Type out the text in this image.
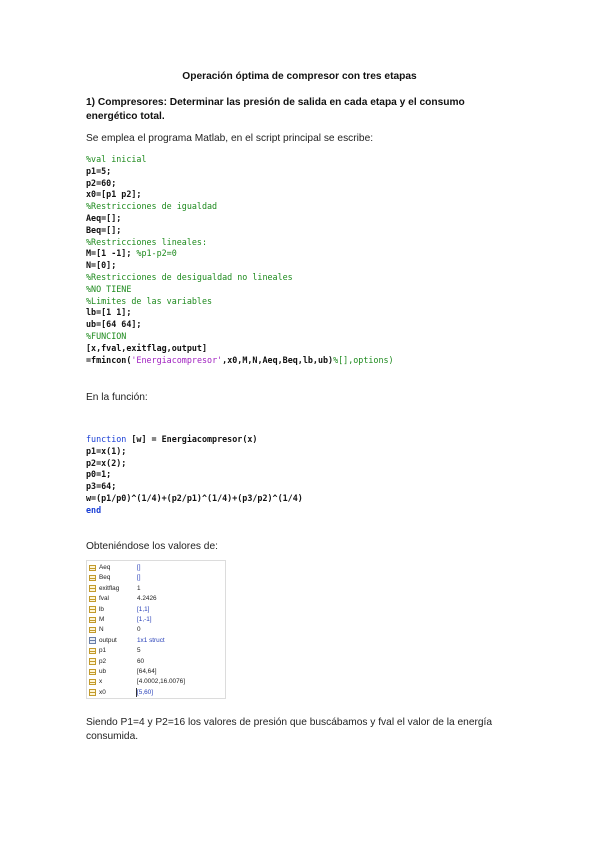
Operación óptima de compresor con tres etapas
1) Compresores: Determinar las presión de salida en cada etapa y el consumo energético total.
Se emplea el programa Matlab, en el script principal se escribe:
%val inicial
p1=5;
p2=60;
x0=[p1 p2];
%Restricciones de igualdad
Aeq=[];
Beq=[];
%Restricciones lineales:
M=[1 -1]; %p1-p2=0
N=[0];
%Restricciones de desigualdad no lineales
%NO TIENE
%Limites de las variables
lb=[1 1];
ub=[64 64];
%FUNCION
[x,fval,exitflag,output]
=fmincon('Energiacompresor',x0,M,N,Aeq,Beq,lb,ub)%[],options)
En la función:
function [w] = Energiacompresor(x)
p1=x(1);
p2=x(2);
p0=1;
p3=64;
w=(p1/p0)^(1/4)+(p2/p1)^(1/4)+(p3/p2)^(1/4)
end
Obteniéndose los valores de:
Aeq	[]
Beq	[]
exitflag	1
fval	4.2426
lb	[1,1]
M	[1,-1]
N	0
output	1x1 struct
p1	5
p2	60
ub	[64,64]
x	[4.0002,16.0076]
x0	[5,60]
Siendo P1=4 y P2=16 los valores de presión que buscábamos y fval el valor de la energía consumida.
